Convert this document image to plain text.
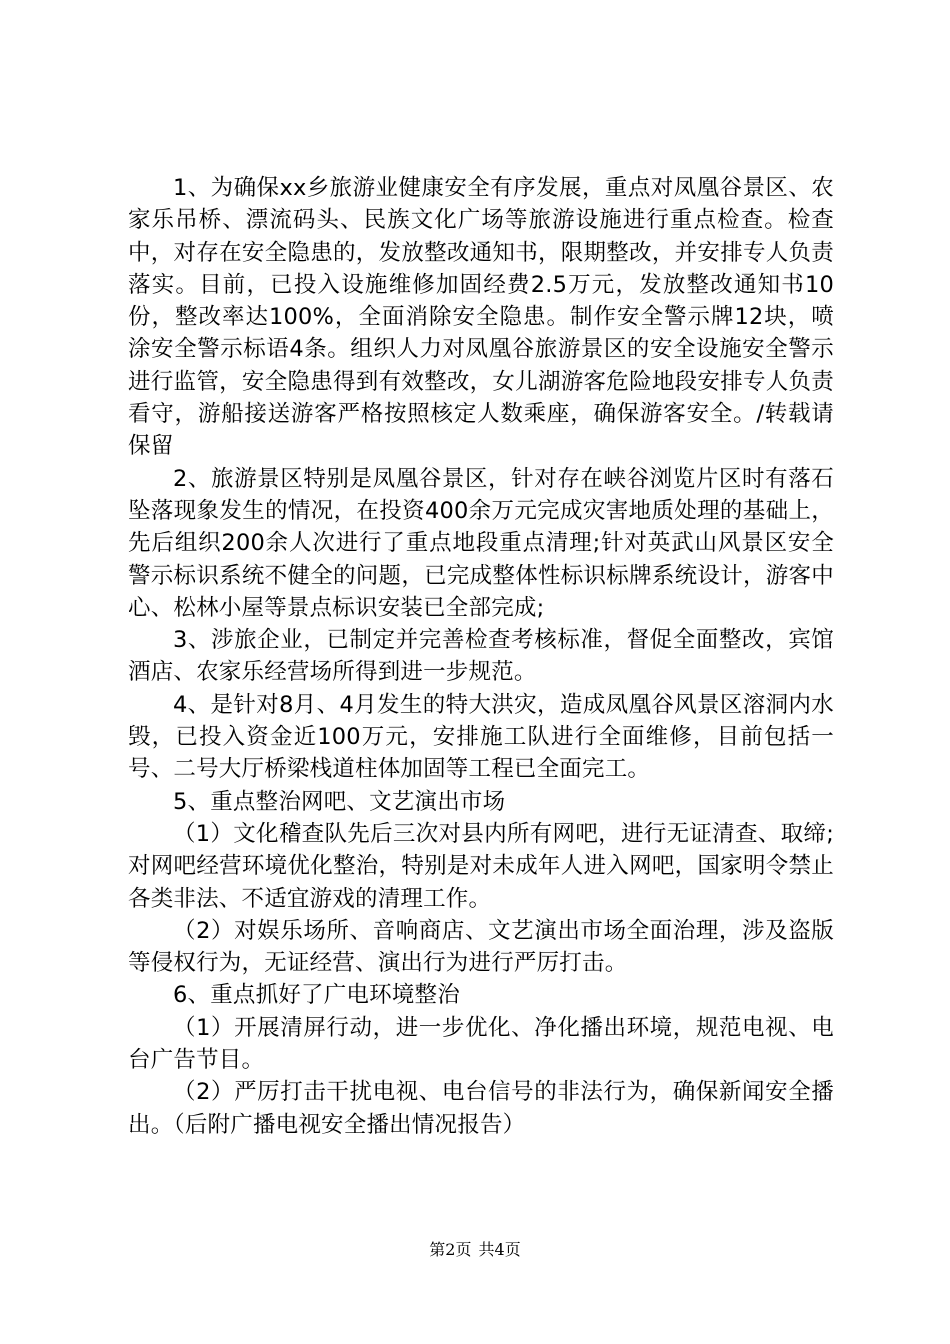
1、为确保xx乡旅游业健康安全有序发展，重点对凤凰谷景区、农家乐吊桥、漂流码头、民族文化广场等旅游设施进行重点检查。检查中，对存在安全隐患的，发放整改通知书，限期整改，并安排专人负责落实。目前，已投入设施维修加固经费2.5万元，发放整改通知书10份，整改率达100%，全面消除安全隐患。制作安全警示牌12块，喷涂安全警示标语4条。组织人力对凤凰谷旅游景区的安全设施安全警示进行监管，安全隐患得到有效整改，女儿湖游客危险地段安排专人负责看守，游船接送游客严格按照核定人数乘座，确保游客安全。/转载请保留

2、旅游景区特别是凤凰谷景区，针对存在峡谷浏览片区时有落石坠落现象发生的情况，在投资400余万元完成灾害地质处理的基础上，先后组织200余人次进行了重点地段重点清理;针对英武山风景区安全警示标识系统不健全的问题，已完成整体性标识标牌系统设计，游客中心、松林小屋等景点标识安装已全部完成;

3、涉旅企业，已制定并完善检查考核标准，督促全面整改，宾馆酒店、农家乐经营场所得到进一步规范。

4、是针对8月、4月发生的特大洪灾，造成凤凰谷风景区溶洞内水毁，已投入资金近100万元，安排施工队进行全面维修，目前包括一号、二号大厅桥梁栈道柱体加固等工程已全面完工。

5、重点整治网吧、文艺演出市场

（1）文化稽查队先后三次对县内所有网吧，进行无证清查、取缔;对网吧经营环境优化整治，特别是对未成年人进入网吧，国家明令禁止各类非法、不适宜游戏的清理工作。

（2）对娱乐场所、音响商店、文艺演出市场全面治理，涉及盗版等侵权行为，无证经营、演出行为进行严厉打击。

6、重点抓好了广电环境整治

（1）开展清屏行动，进一步优化、净化播出环境，规范电视、电台广告节目。

（2）严厉打击干扰电视、电台信号的非法行为，确保新闻安全播出。（后附广播电视安全播出情况报告）

第2页 共4页
